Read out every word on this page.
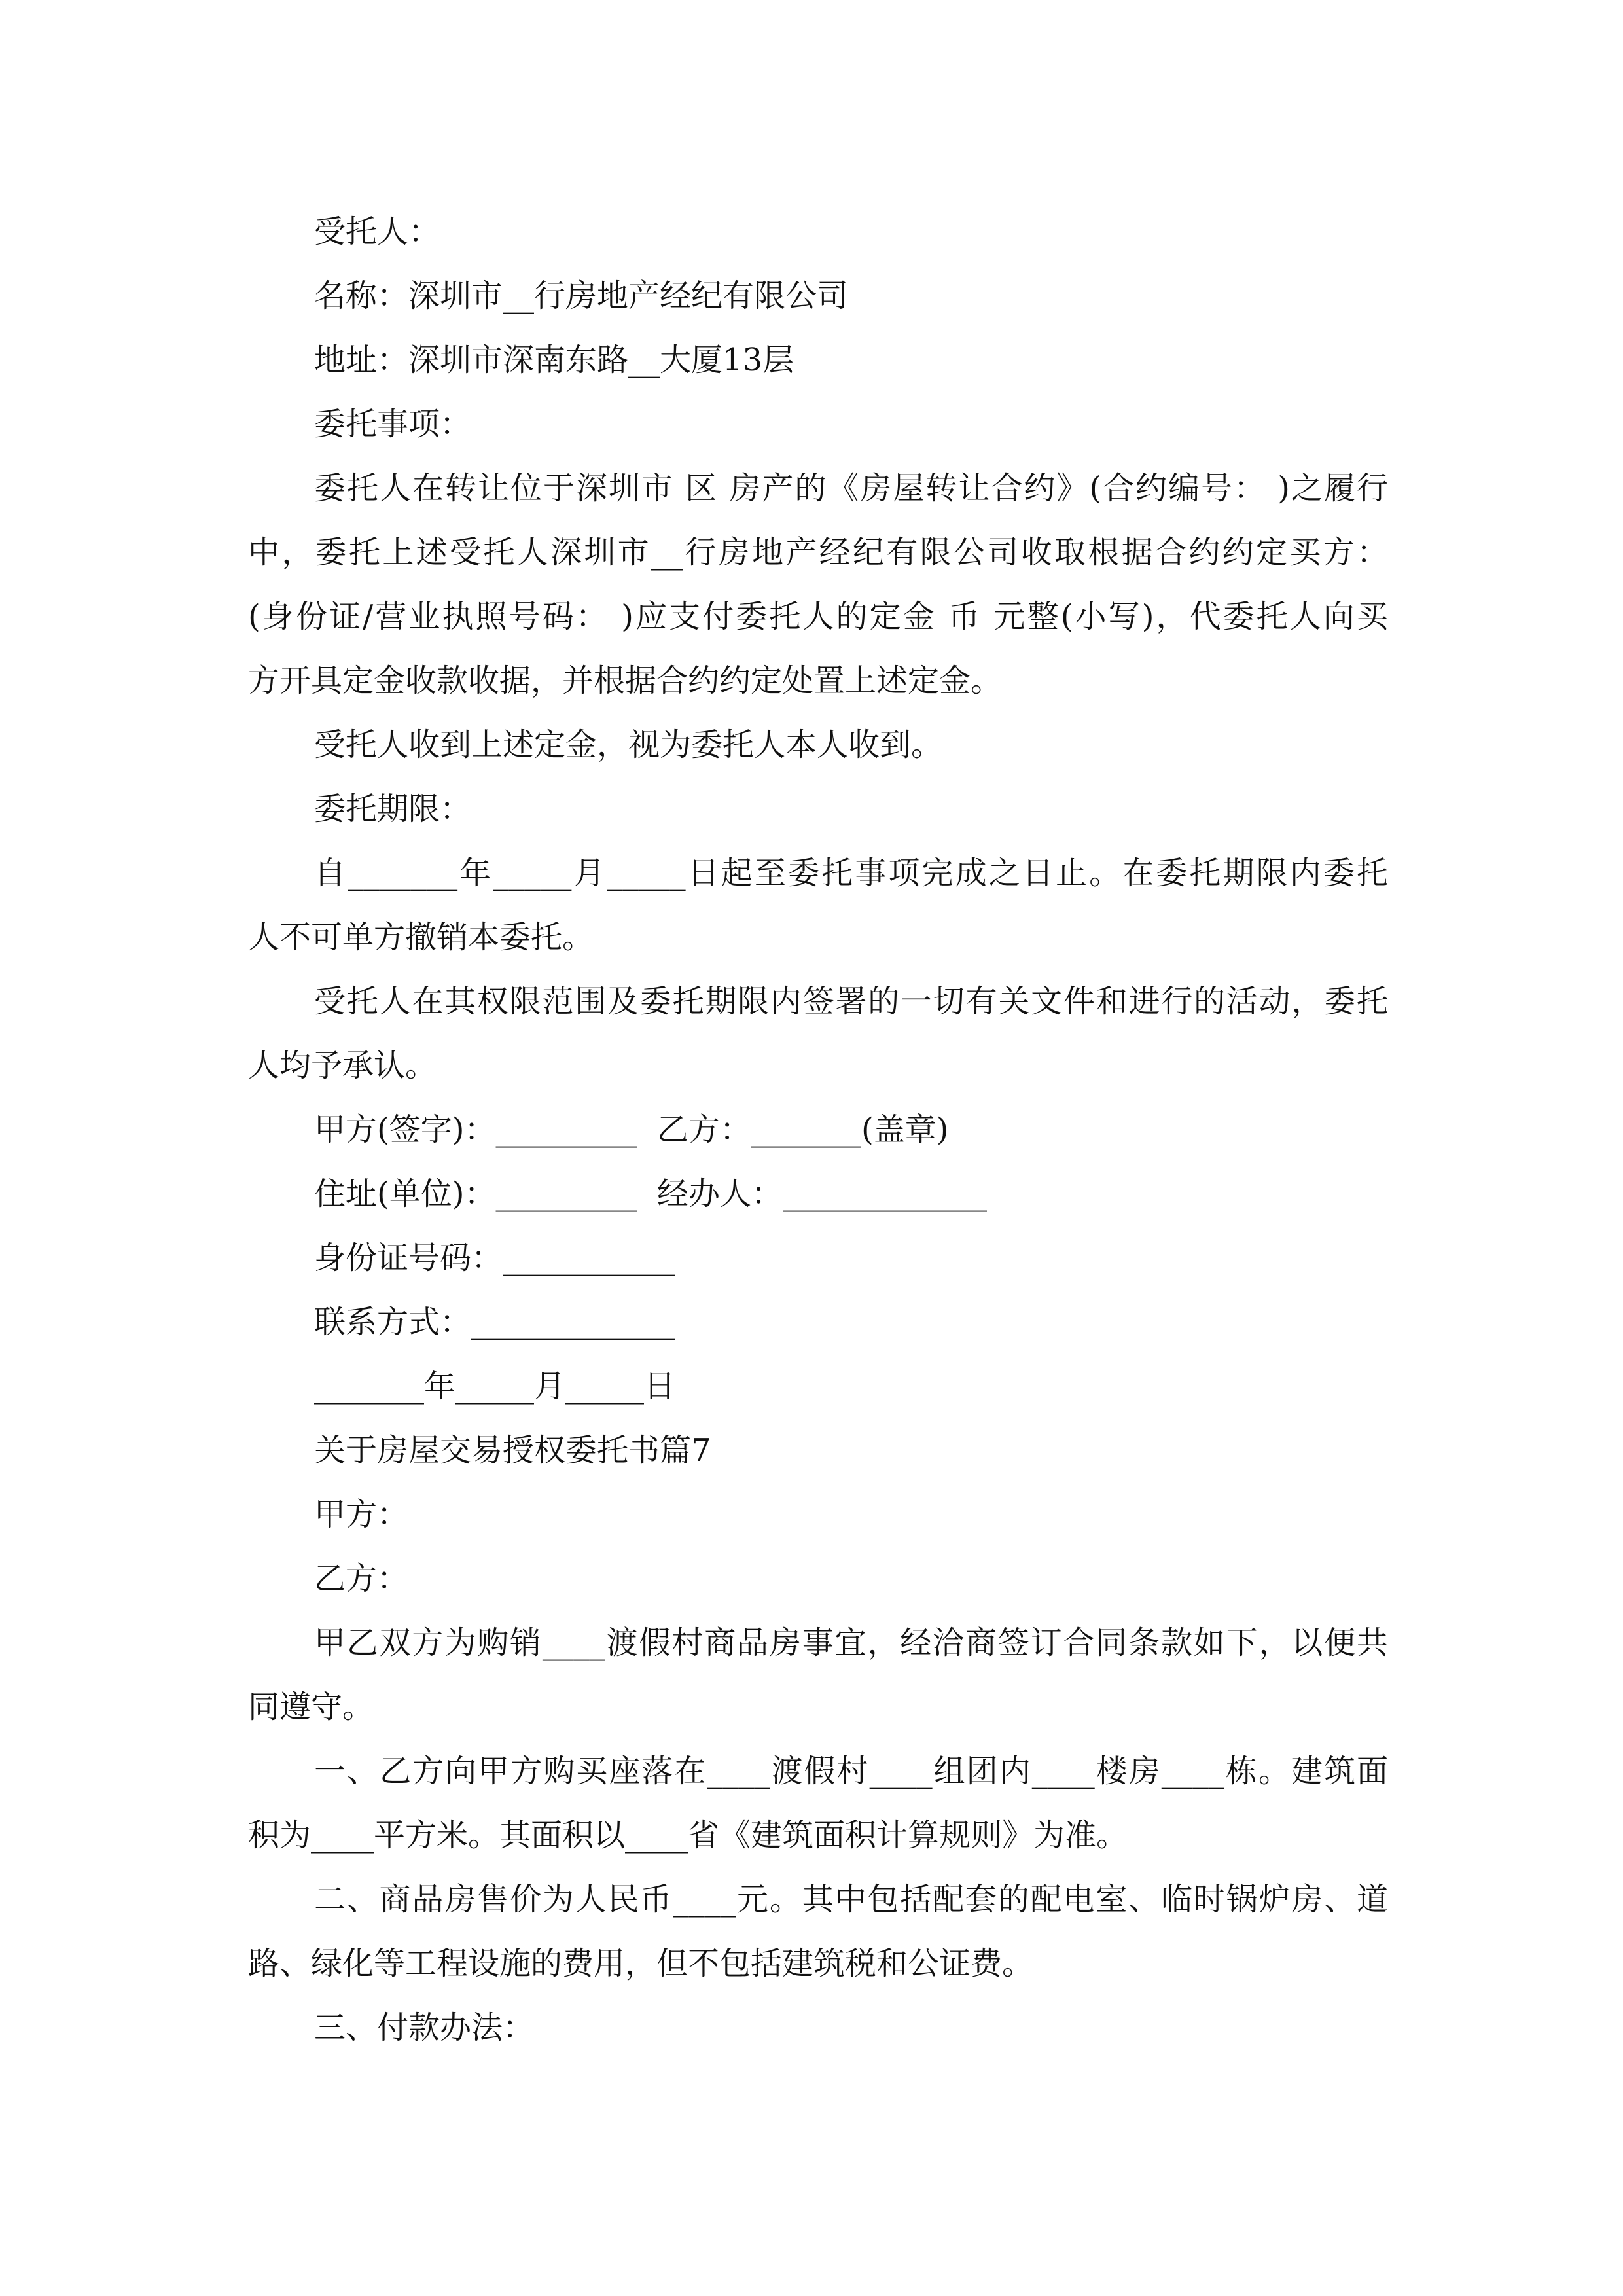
受托人：
名称：深圳市__行房地产经纪有限公司
地址：深圳市深南东路__大厦13层
委托事项：
委托人在转让位于深圳市 区 房产的《房屋转让合约》(合约编号： )之履行
中，委托上述受托人深圳市__行房地产经纪有限公司收取根据合约约定买方：
(身份证/营业执照号码： )应支付委托人的定金 币 元整(小写)，代委托人向买
方开具定金收款收据，并根据合约约定处置上述定金。
受托人收到上述定金，视为委托人本人收到。
委托期限：
自_______年_____月_____日起至委托事项完成之日止。在委托期限内委托
人不可单方撤销本委托。
受托人在其权限范围及委托期限内签署的一切有关文件和进行的活动，委托
人均予承认。
甲方(签字)：_________  乙方：_______(盖章)
住址(单位)：_________  经办人：_____________
身份证号码：___________
联系方式：_____________
_______年_____月_____日
关于房屋交易授权委托书篇7
甲方：
乙方：
甲乙双方为购销____渡假村商品房事宜，经洽商签订合同条款如下，以便共
同遵守。
一、乙方向甲方购买座落在____渡假村____组团内____楼房____栋。建筑面
积为____平方米。其面积以____省《建筑面积计算规则》为准。
二、商品房售价为人民币____元。其中包括配套的配电室、临时锅炉房、道
路、绿化等工程设施的费用，但不包括建筑税和公证费。
三、付款办法：
